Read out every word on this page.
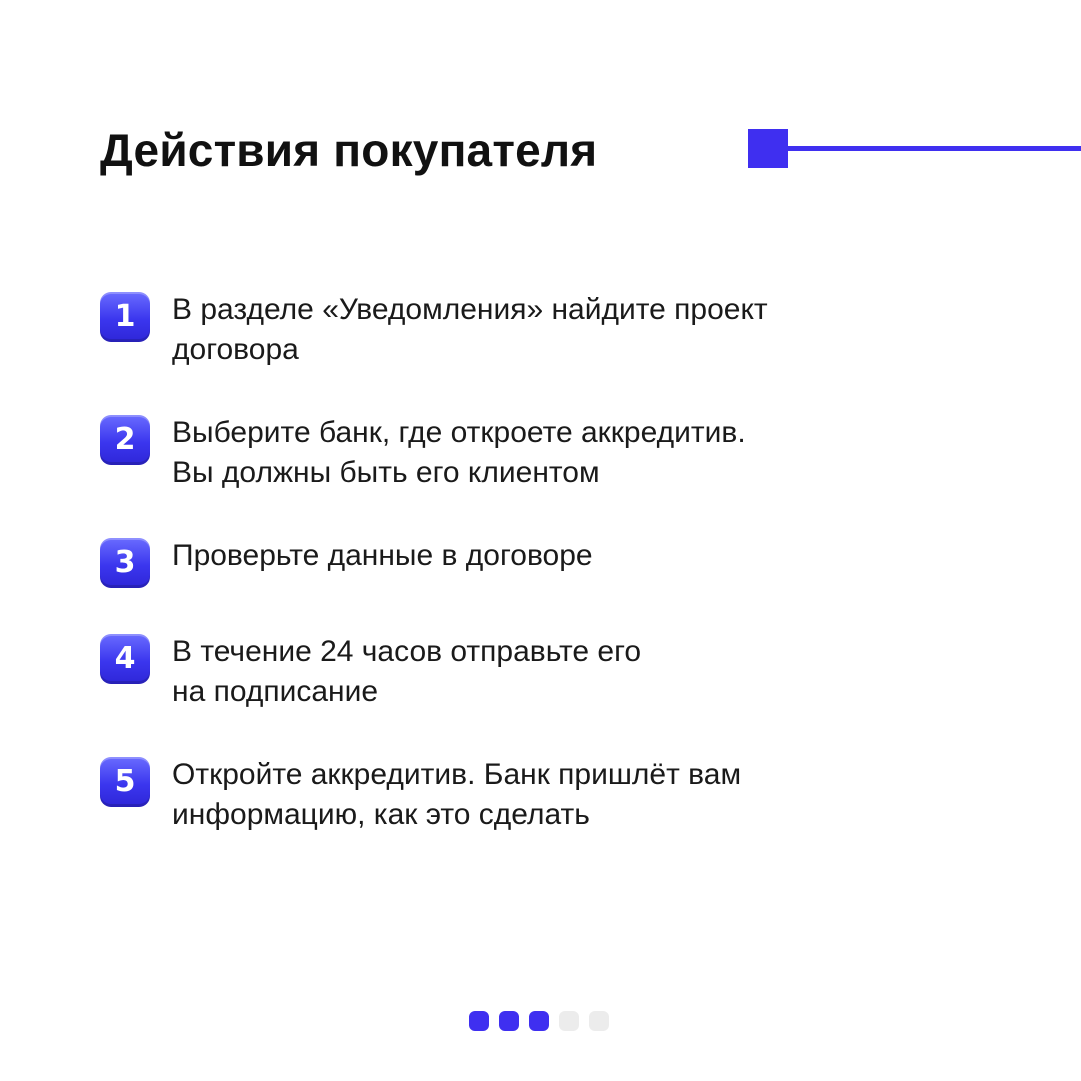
Действия покупателя
1	В разделе «Уведомления» найдите проект
договора
2	Выберите банк, где откроете аккредитив.
Вы должны быть его клиентом
3	Проверьте данные в договоре
4	В течение 24 часов отправьте его
на подписание
5	Откройте аккредитив. Банк пришлёт вам
информацию, как это сделать
